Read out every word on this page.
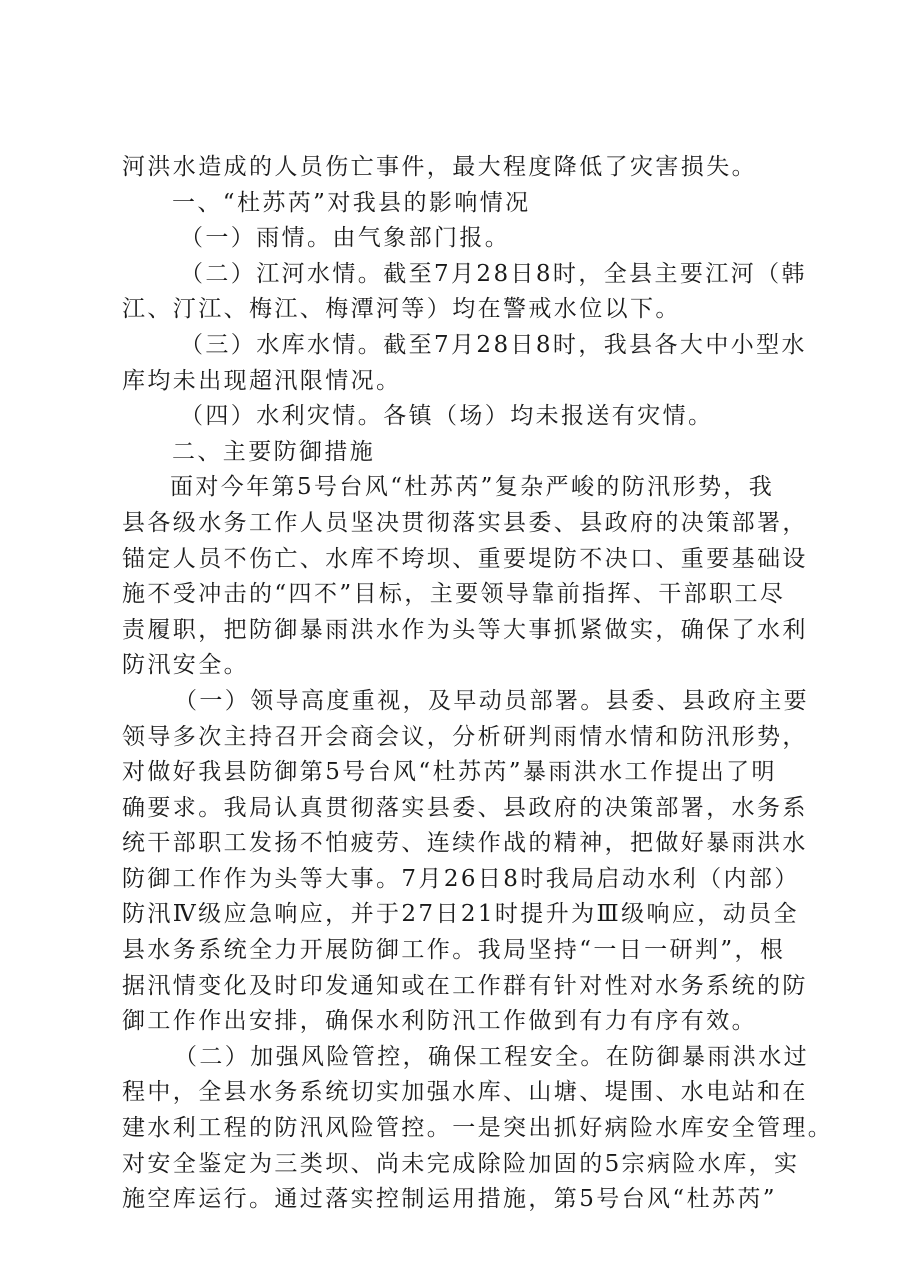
河洪水造成的人员伤亡事件，最大程度降低了灾害损失。
一、“杜苏芮”对我县的影响情况
（一）雨情。由气象部门报。
（二）江河水情。截至7月28日8时，全县主要江河（韩
江、汀江、梅江、梅潭河等）均在警戒水位以下。
（三）水库水情。截至7月28日8时，我县各大中小型水
库均未出现超汛限情况。
（四）水利灾情。各镇（场）均未报送有灾情。
二、主要防御措施
面对今年第5号台风“杜苏芮”复杂严峻的防汛形势，我
县各级水务工作人员坚决贯彻落实县委、县政府的决策部署，
锚定人员不伤亡、水库不垮坝、重要堤防不决口、重要基础设
施不受冲击的“四不”目标，主要领导靠前指挥、干部职工尽
责履职，把防御暴雨洪水作为头等大事抓紧做实，确保了水利
防汛安全。
（一）领导高度重视，及早动员部署。县委、县政府主要
领导多次主持召开会商会议，分析研判雨情水情和防汛形势，
对做好我县防御第5号台风“杜苏芮”暴雨洪水工作提出了明
确要求。我局认真贯彻落实县委、县政府的决策部署，水务系
统干部职工发扬不怕疲劳、连续作战的精神，把做好暴雨洪水
防御工作作为头等大事。7月26日8时我局启动水利（内部）
防汛Ⅳ级应急响应，并于27日21时提升为Ⅲ级响应，动员全
县水务系统全力开展防御工作。我局坚持“一日一研判”，根
据汛情变化及时印发通知或在工作群有针对性对水务系统的防
御工作作出安排，确保水利防汛工作做到有力有序有效。
（二）加强风险管控，确保工程安全。在防御暴雨洪水过
程中，全县水务系统切实加强水库、山塘、堤围、水电站和在
建水利工程的防汛风险管控。一是突出抓好病险水库安全管理。
对安全鉴定为三类坝、尚未完成除险加固的5宗病险水库，实
施空库运行。通过落实控制运用措施，第5号台风“杜苏芮”
